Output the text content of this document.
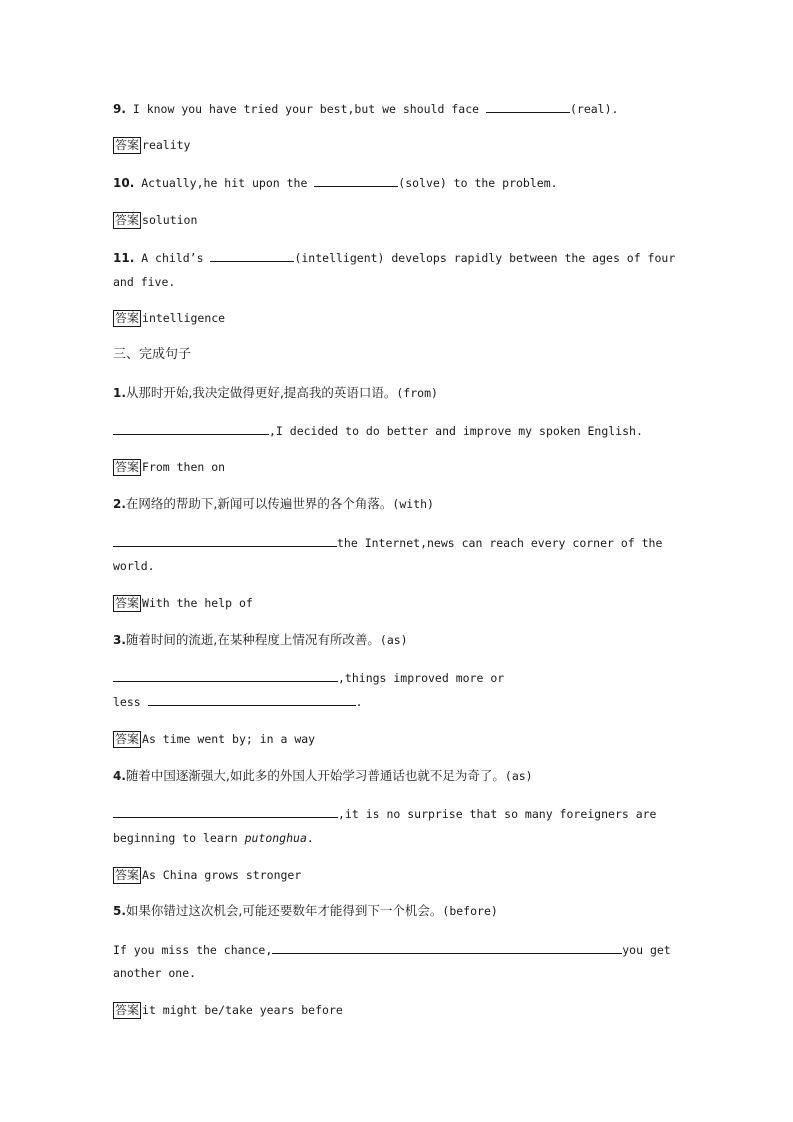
9. I know you have tried your best,but we should face	(real).
答案 reality
10. Actually,he hit upon the	(solve) to the problem.
答案 solution
11. A child’s	(intelligent) develops rapidly between the ages of four
and five.
答案 intelligence
三、完成句子
1.从那时开始,我决定做得更好,提高我的英语口语。(from)
,I decided to do better and improve my spoken English.
答案 From then on
2.在网络的帮助下,新闻可以传遍世界的各个角落。(with)
the Internet,news can reach every corner of the
world.
答案 With the help of
3.随着时间的流逝,在某种程度上情况有所改善。(as)
,things improved more or
less	.
答案 As time went by; in a way
4.随着中国逐渐强大,如此多的外国人开始学习普通话也就不足为奇了。(as)
,it is no surprise that so many foreigners are
beginning to learn putonghua.
答案 As China grows stronger
5.如果你错过这次机会,可能还要数年才能得到下一个机会。(before)
If you miss the chance,	you get
another one.
答案 it might be/take years before
